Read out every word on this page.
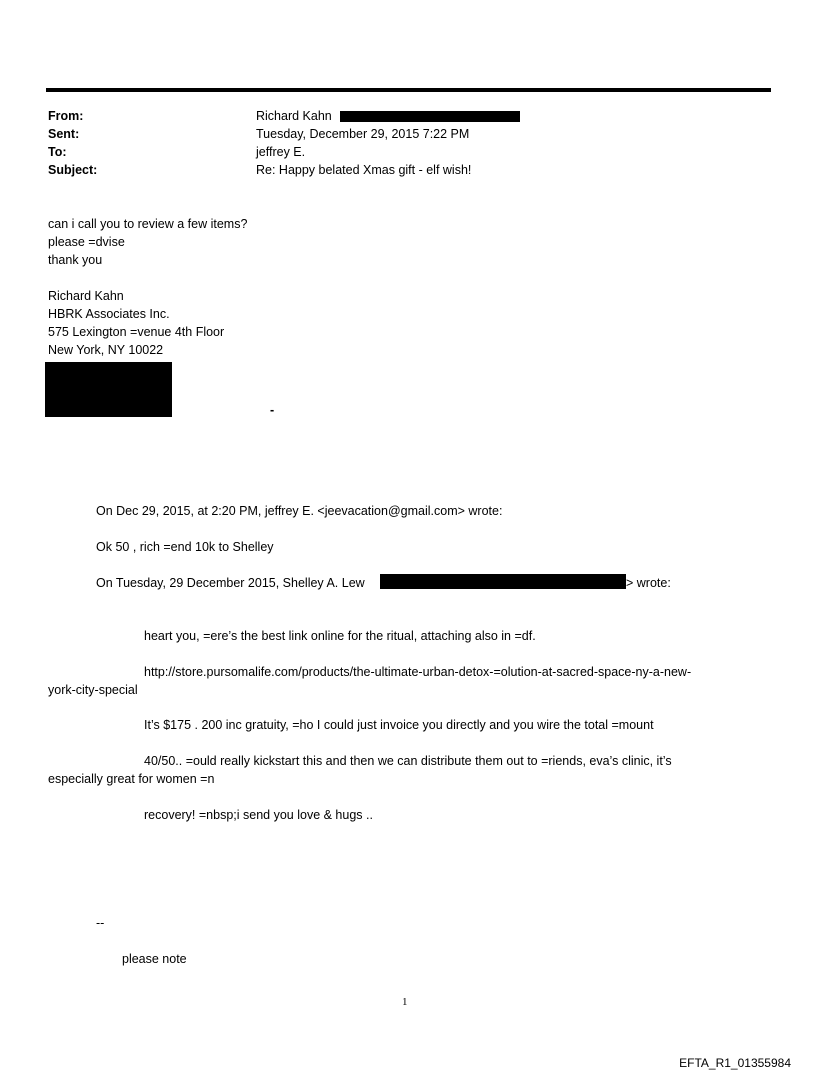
From:	Richard Kahn
Sent:	Tuesday, December 29, 2015 7:22 PM
To:	jeffrey E.
Subject:	Re: Happy belated Xmas gift - elf wish!
can i call you to review a few items?
please =dvise
thank you
Richard Kahn
HBRK Associates Inc.
575 Lexington =venue 4th Floor
New York, NY 10022
-
On Dec 29, 2015, at 2:20 PM, jeffrey E. <jeevacation@gmail.com> wrote:
Ok 50 , rich =end 10k to Shelley
On Tuesday, 29 December 2015, Shelley A. Lew	> wrote:
heart you, =ere’s the best link online for the ritual, attaching also in =df.
http://store.pursomalife.com/products/the-ultimate-urban-detox-=olution-at-sacred-space-ny-a-new-
york-city-special
It’s $175 . 200 inc gratuity, =ho I could just invoice you directly and you wire the total =mount
40/50.. =ould really kickstart this and then we can distribute them out to =riends, eva’s clinic, it’s
especially great for women =n
recovery! =nbsp;i send you love & hugs ..
--
please note
1
EFTA_R1_01355984
